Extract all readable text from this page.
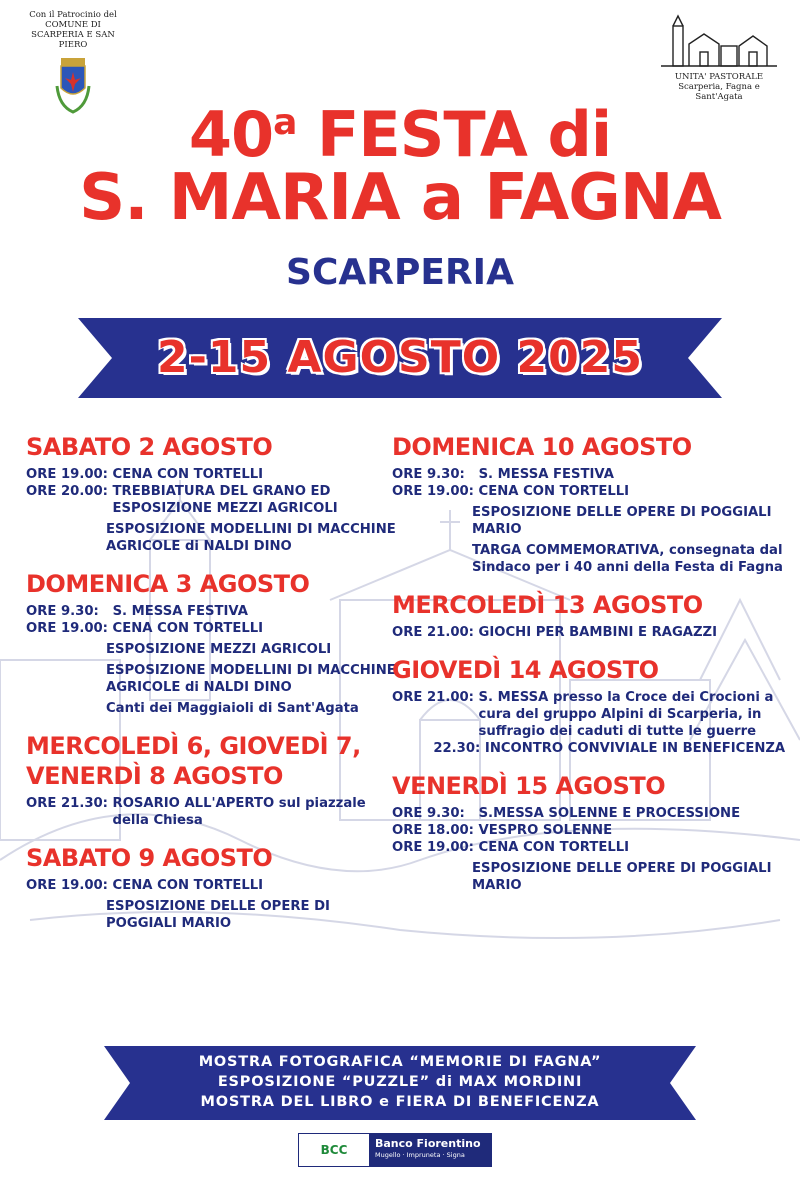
Con il Patrocinio del
COMUNE DI
SCARPERIA E SAN PIERO
UNITA' PASTORALE
Scarperia, Fagna e Sant'Agata
40$^a$ FESTA di
S. MARIA a FAGNA
SCARPERIA
2-15 AGOSTO 2025
SABATO 2 AGOSTO
ORE 19.00: CENA CON TORTELLI
ORE 20.00: TREBBIATURA DEL GRANO ED ESPOSIZIONE MEZZI AGRICOLI
ESPOSIZIONE MODELLINI DI MACCHINE AGRICOLE di NALDI DINO
DOMENICA 3 AGOSTO
ORE 9.30: S. MESSA FESTIVA
ORE 19.00: CENA CON TORTELLI
ESPOSIZIONE MEZZI AGRICOLI
ESPOSIZIONE MODELLINI DI MACCHINE AGRICOLE di NALDI DINO
Canti dei Maggiaioli di Sant'Agata
MERCOLEDÌ 6, GIOVEDÌ 7, VENERDÌ 8 AGOSTO
ORE 21.30: ROSARIO ALL'APERTO sul piazzale della Chiesa
SABATO 9 AGOSTO
ORE 19.00: CENA CON TORTELLI
ESPOSIZIONE DELLE OPERE DI POGGIALI MARIO
DOMENICA 10 AGOSTO
ORE 9.30: S. MESSA FESTIVA
ORE 19.00: CENA CON TORTELLI
ESPOSIZIONE DELLE OPERE DI POGGIALI MARIO
TARGA COMMEMORATIVA, consegnata dal Sindaco per i 40 anni della Festa di Fagna
MERCOLEDÌ 13 AGOSTO
ORE 21.00: GIOCHI PER BAMBINI E RAGAZZI
GIOVEDÌ 14 AGOSTO
ORE 21.00: S. MESSA presso la Croce dei Crocioni a cura del gruppo Alpini di Scarperia, in suffragio dei caduti di tutte le guerre
22.30: INCONTRO CONVIVIALE IN BENEFICENZA
VENERDÌ 15 AGOSTO
ORE 9.30: S.MESSA SOLENNE E PROCESSIONE
ORE 18.00: VESPRO SOLENNE
ORE 19.00: CENA CON TORTELLI
ESPOSIZIONE DELLE OPERE DI POGGIALI MARIO
MOSTRA FOTOGRAFICA “MEMORIE DI FAGNA”
ESPOSIZIONE “PUZZLE” di MAX MORDINI
MOSTRA DEL LIBRO e FIERA DI BENEFICENZA
BCC	Banco Fiorentino
Mugello · Impruneta · Signa
